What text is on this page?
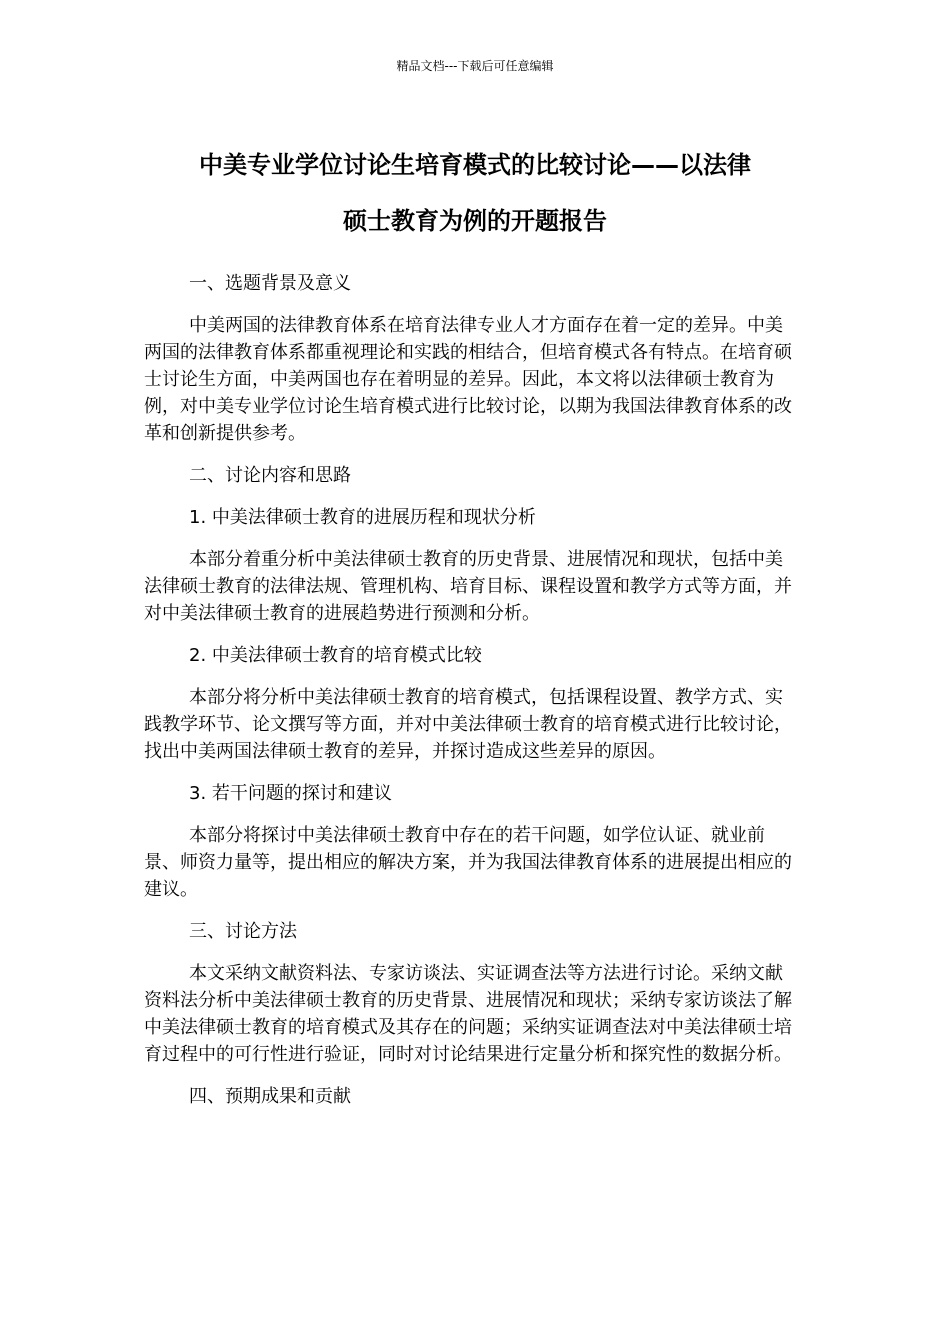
精品文档---下载后可任意编辑
中美专业学位讨论生培育模式的比较讨论——以法律
硕士教育为例的开题报告

一、选题背景及意义

中美两国的法律教育体系在培育法律专业人才方面存在着一定的差异。中美两国的法律教育体系都重视理论和实践的相结合，但培育模式各有特点。在培育硕士讨论生方面，中美两国也存在着明显的差异。因此，本文将以法律硕士教育为例，对中美专业学位讨论生培育模式进行比较讨论，以期为我国法律教育体系的改革和创新提供参考。

二、讨论内容和思路

1. 中美法律硕士教育的进展历程和现状分析

本部分着重分析中美法律硕士教育的历史背景、进展情况和现状，包括中美法律硕士教育的法律法规、管理机构、培育目标、课程设置和教学方式等方面，并对中美法律硕士教育的进展趋势进行预测和分析。

2. 中美法律硕士教育的培育模式比较

本部分将分析中美法律硕士教育的培育模式，包括课程设置、教学方式、实践教学环节、论文撰写等方面，并对中美法律硕士教育的培育模式进行比较讨论，找出中美两国法律硕士教育的差异，并探讨造成这些差异的原因。

3. 若干问题的探讨和建议

本部分将探讨中美法律硕士教育中存在的若干问题，如学位认证、就业前景、师资力量等，提出相应的解决方案，并为我国法律教育体系的进展提出相应的建议。

三、讨论方法

本文采纳文献资料法、专家访谈法、实证调查法等方法进行讨论。采纳文献资料法分析中美法律硕士教育的历史背景、进展情况和现状；采纳专家访谈法了解中美法律硕士教育的培育模式及其存在的问题；采纳实证调查法对中美法律硕士培育过程中的可行性进行验证，同时对讨论结果进行定量分析和探究性的数据分析。

四、预期成果和贡献
